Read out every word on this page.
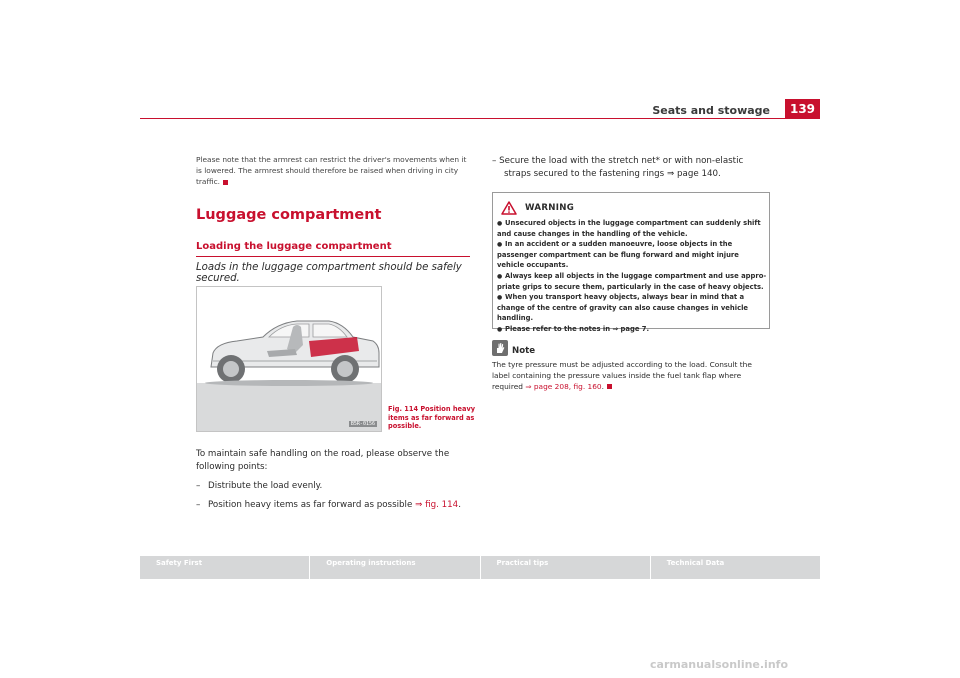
Seats and stowage	139
Please note that the armrest can restrict the driver's movements when it is lowered. The armrest should therefore be raised when driving in city traffic.
Luggage compartment
Loading the luggage compartment
Loads in the luggage compartment should be safely secured.
B5R-0156
Fig. 114 Position heavy items as far forward as possible.
To maintain safe handling on the road, please observe the following points:
– Distribute the load evenly.
– Position heavy items as far forward as possible ⇒ fig. 114.
– Secure the load with the stretch net* or with non-elastic straps secured to the fastening rings ⇒ page 140.
WARNING
●Unsecured objects in the luggage compartment can suddenly shift and cause changes in the handling of the vehicle.
●In an accident or a sudden manoeuvre, loose objects in the passenger compartment can be flung forward and might injure vehicle occupants.
●Always keep all objects in the luggage compartment and use appro-priate grips to secure them, particularly in the case of heavy objects.
●When you transport heavy objects, always bear in mind that a change of the centre of gravity can also cause changes in vehicle handling.
●Please refer to the notes in ⇒ page 7.
Note
The tyre pressure must be adjusted according to the load. Consult the label containing the pressure values inside the fuel tank flap where required ⇒ page 208, fig. 160.
Safety First	Operating instructions	Practical tips	Technical Data
carmanualsonline.info
